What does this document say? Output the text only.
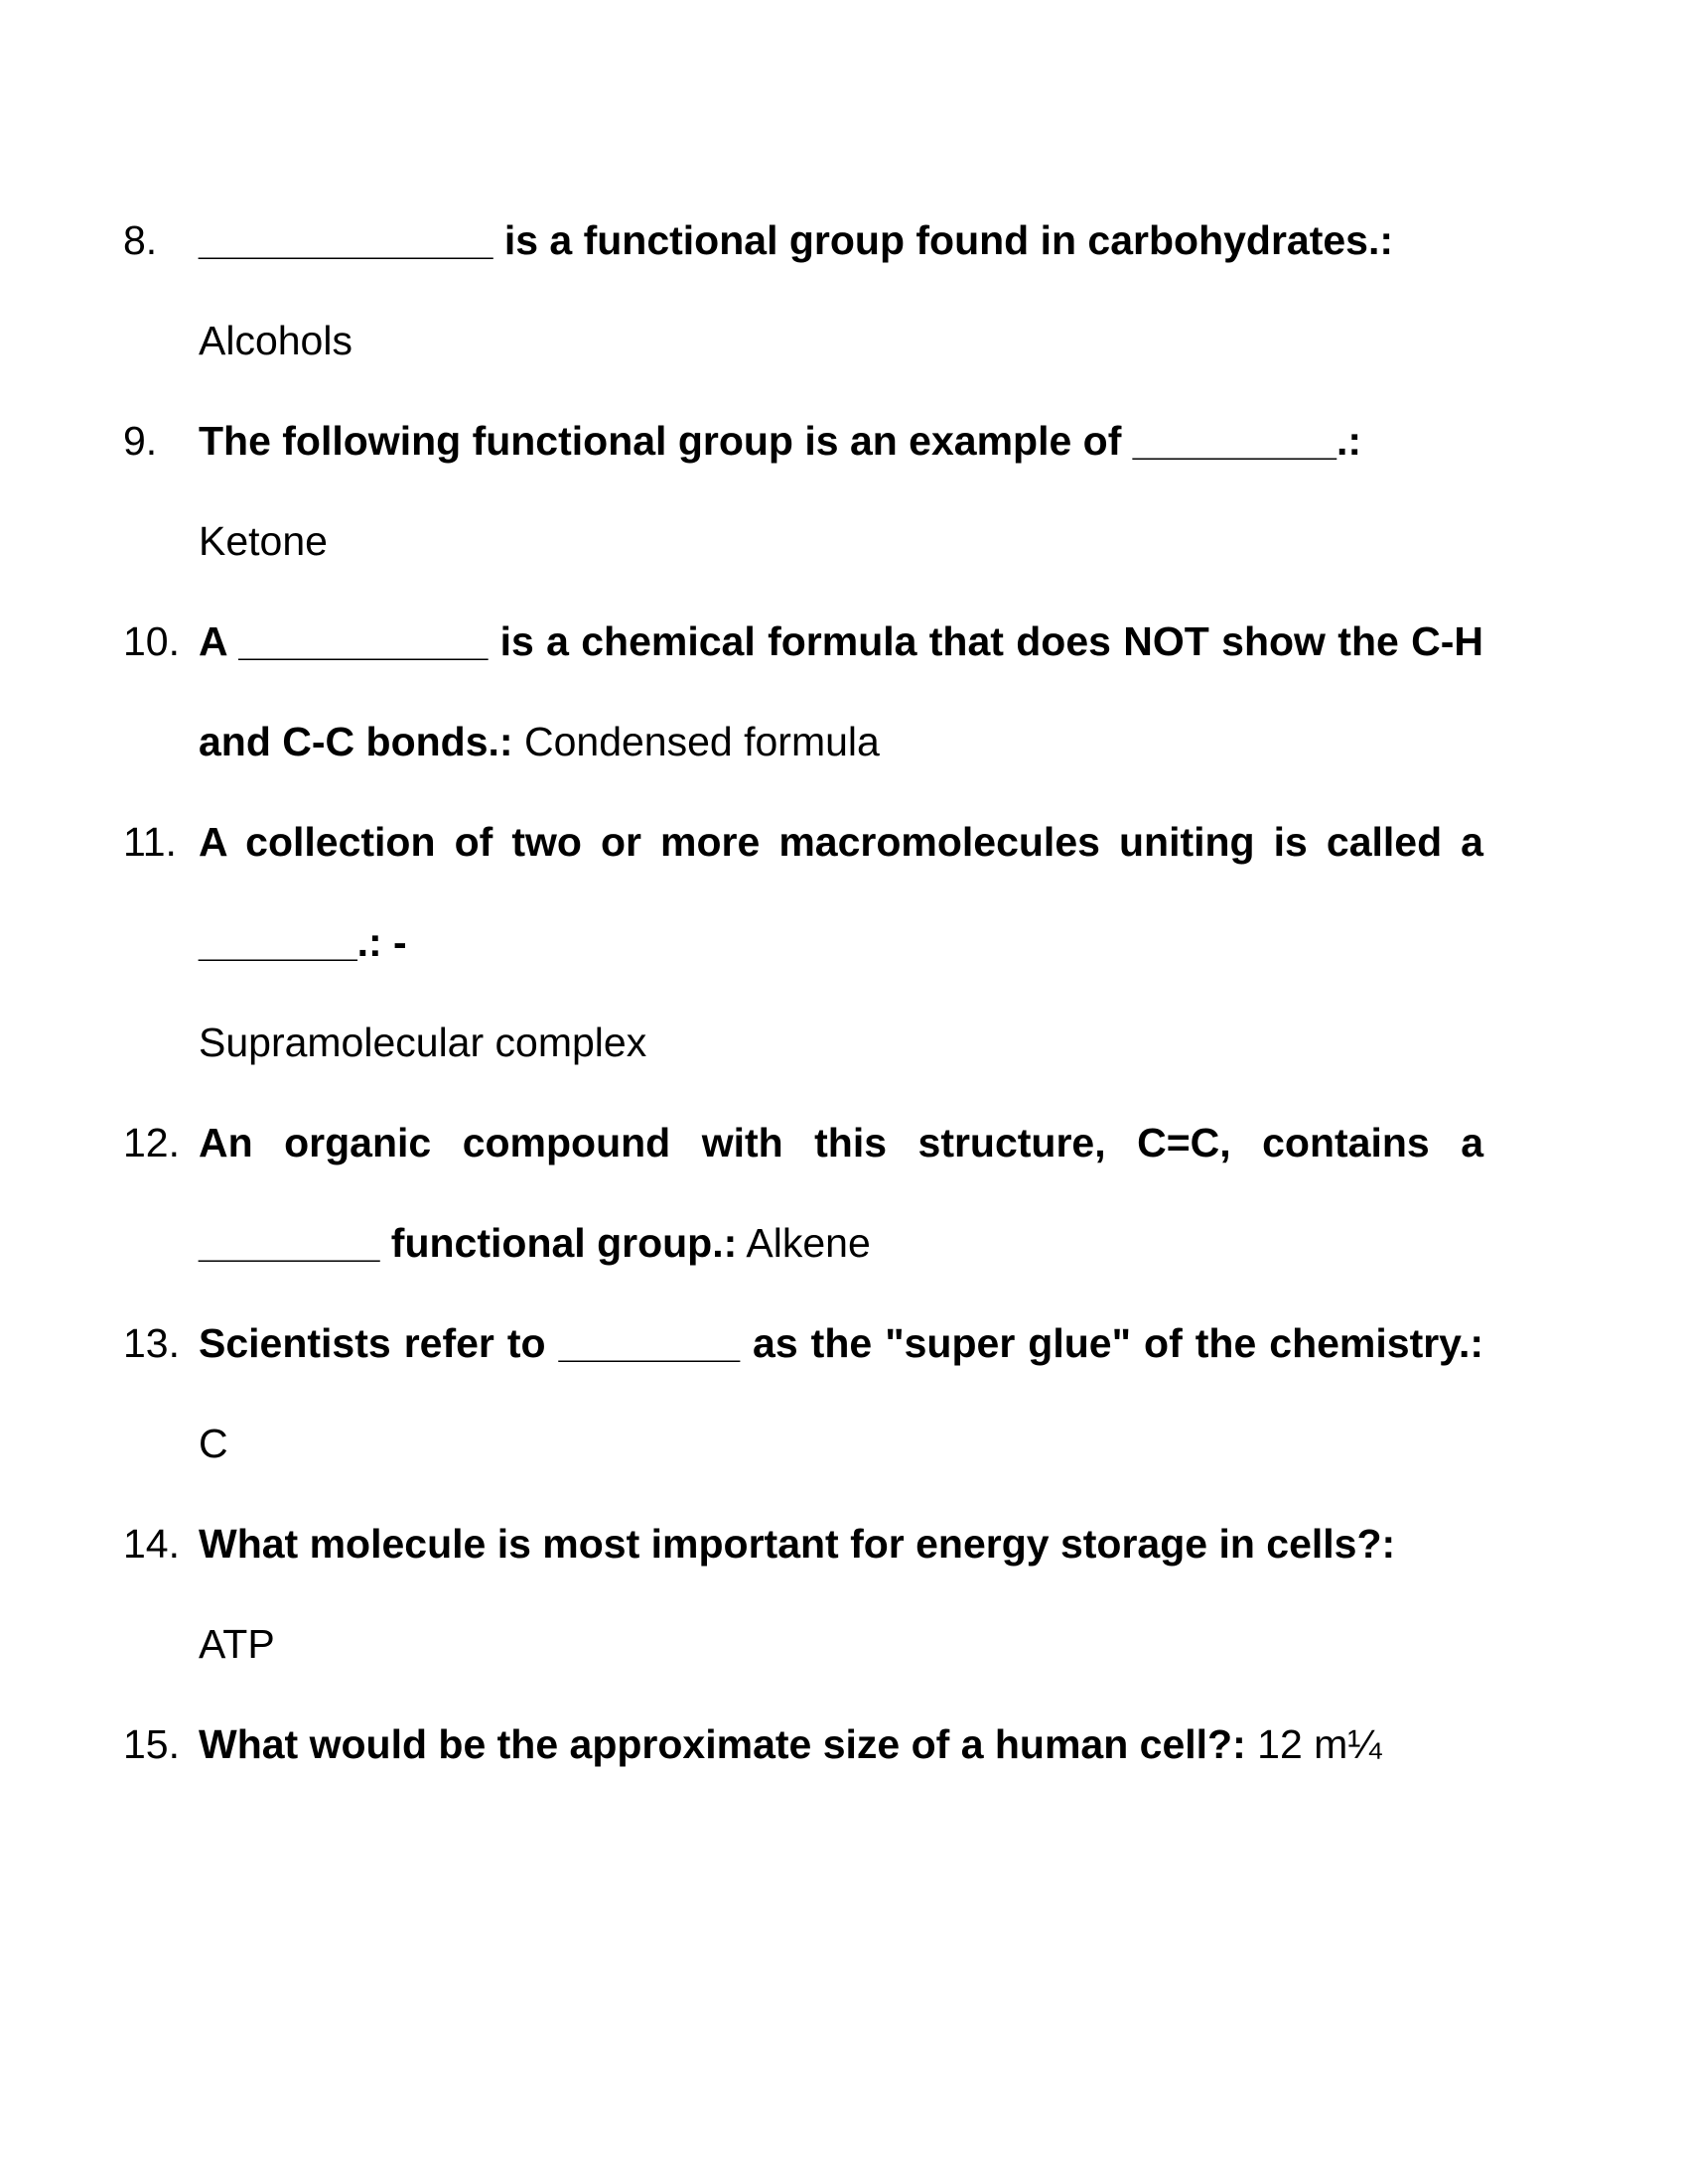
8. _____________ is a functional group found in carbohydrates.:
Alcohols
9. The following functional group is an example of _________.:
Ketone
10. A ___________ is a chemical formula that does NOT show the C-H and C-C bonds.: Condensed formula
11. A collection of two or more macromolecules uniting is called a _______.: -
Supramolecular complex
12. An organic compound with this structure, C=C, contains a ________ functional group.: Alkene
13. Scientists refer to ________ as the "super glue" of the chemistry.: C
14. What molecule is most important for energy storage in cells?:
ATP
15. What would be the approximate size of a human cell?: 12 m¼
